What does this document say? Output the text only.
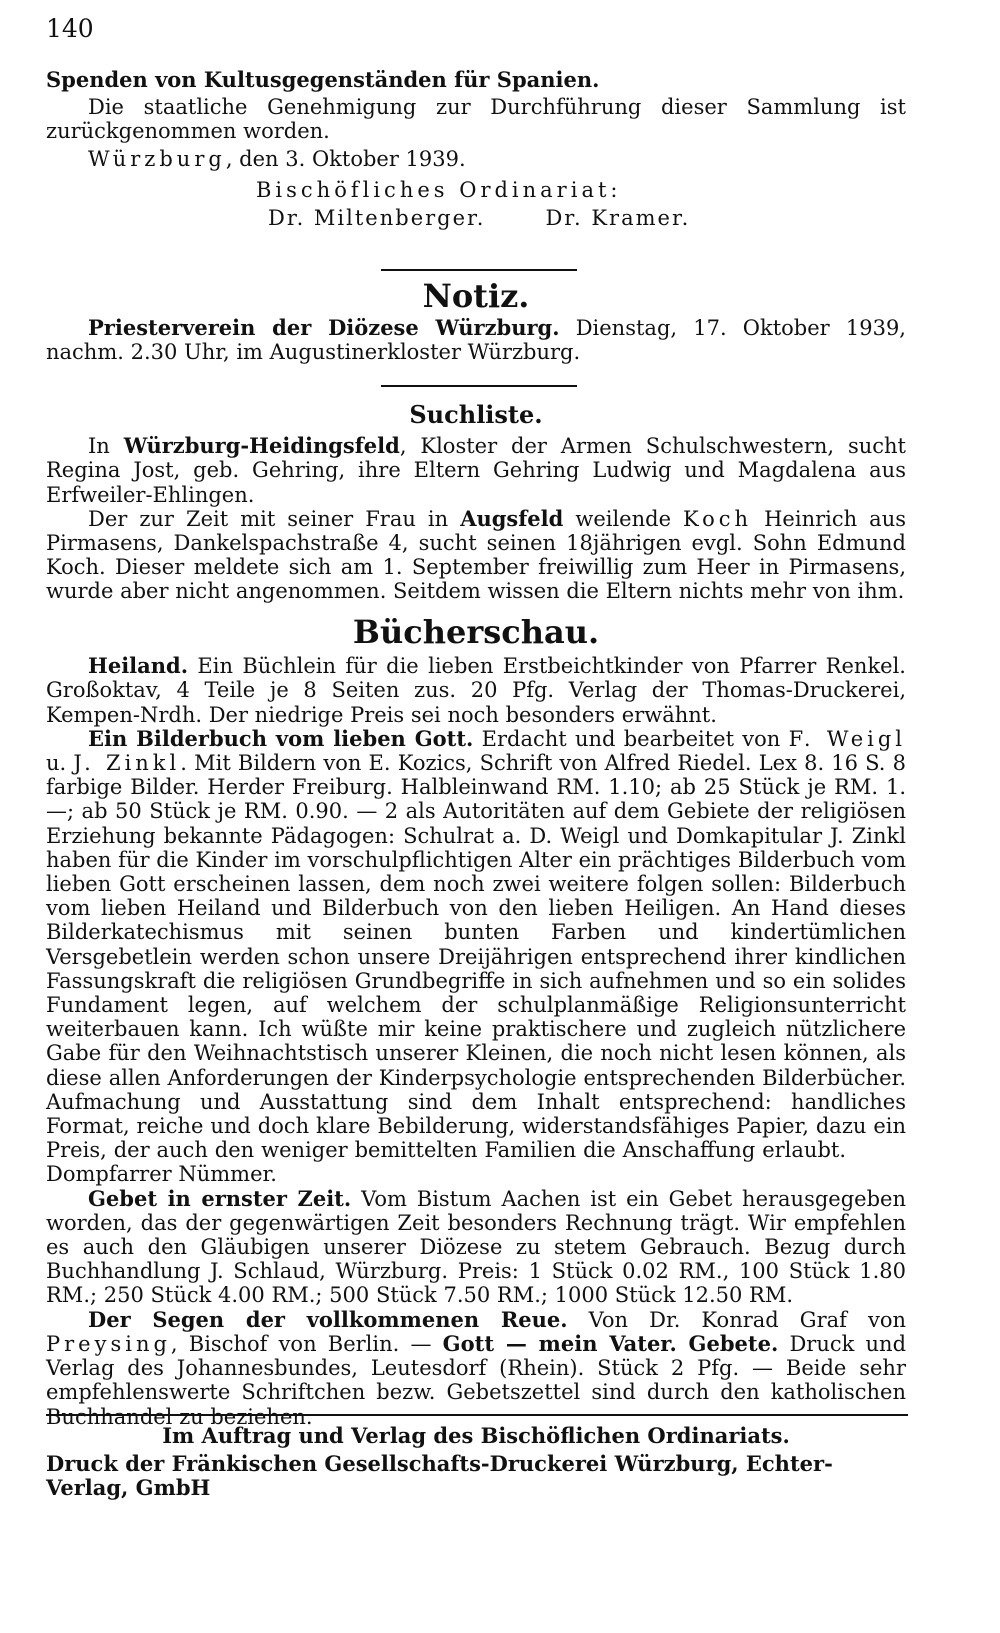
140

Spenden von Kultusgegenständen für Spanien.

Die staatliche Genehmigung zur Durchführung dieser Sammlung ist zurückgenommen worden.

Würzburg, den 3. Oktober 1939.

Bischöfliches Ordinariat:

Dr. Miltenberger.	Dr. Kramer.

Notiz.

Priesterverein der Diözese Würzburg. Dienstag, 17. Oktober 1939, nachm. 2.30 Uhr, im Augustinerkloster Würzburg.

Suchliste.

In Würzburg-Heidingsfeld, Kloster der Armen Schulschwestern, sucht Regina Jost, geb. Gehring, ihre Eltern Gehring Ludwig und Magdalena aus Erfweiler-Ehlingen.

Der zur Zeit mit seiner Frau in Augsfeld weilende Koch Heinrich aus Pirmasens, Dankelspachstraße 4, sucht seinen 18jährigen evgl. Sohn Edmund Koch. Dieser meldete sich am 1. September freiwillig zum Heer in Pirmasens, wurde aber nicht angenommen. Seitdem wissen die Eltern nichts mehr von ihm.

Bücherschau.

Heiland. Ein Büchlein für die lieben Erstbeichtkinder von Pfarrer Renkel. Großoktav, 4 Teile je 8 Seiten zus. 20 Pfg. Verlag der Thomas-Druckerei, Kempen-Nrdh. Der niedrige Preis sei noch besonders erwähnt.

Ein Bilderbuch vom lieben Gott. Erdacht und bearbeitet von F. Weigl u. J. Zinkl. Mit Bildern von E. Kozics, Schrift von Alfred Riedel. Lex 8. 16 S. 8 farbige Bilder. Herder Freiburg. Halbleinwand RM. 1.10; ab 25 Stück je RM. 1.—; ab 50 Stück je RM. 0.90. — 2 als Autoritäten auf dem Gebiete der religiösen Erziehung bekannte Pädagogen: Schulrat a. D. Weigl und Domkapitular J. Zinkl haben für die Kinder im vorschulpflichtigen Alter ein prächtiges Bilderbuch vom lieben Gott erscheinen lassen, dem noch zwei weitere folgen sollen: Bilderbuch vom lieben Heiland und Bilderbuch von den lieben Heiligen. An Hand dieses Bilderkatechismus mit seinen bunten Farben und kindertümlichen Versgebetlein werden schon unsere Dreijährigen entsprechend ihrer kindlichen Fassungskraft die religiösen Grundbegriffe in sich aufnehmen und so ein solides Fundament legen, auf welchem der schulplanmäßige Religionsunterricht weiterbauen kann. Ich wüßte mir keine praktischere und zugleich nützlichere Gabe für den Weihnachtstisch unserer Kleinen, die noch nicht lesen können, als diese allen Anforderungen der Kinderpsychologie entsprechenden Bilderbücher. Aufmachung und Ausstattung sind dem Inhalt entsprechend: handliches Format, reiche und doch klare Bebilderung, widerstandsfähiges Papier, dazu ein Preis, der auch den weniger bemittelten Familien die Anschaffung erlaubt.Dompfarrer Nümmer.

Gebet in ernster Zeit. Vom Bistum Aachen ist ein Gebet herausgegeben worden, das der gegenwärtigen Zeit besonders Rechnung trägt. Wir empfehlen es auch den Gläubigen unserer Diözese zu stetem Gebrauch. Bezug durch Buchhandlung J. Schlaud, Würzburg. Preis: 1 Stück 0.02 RM., 100 Stück 1.80 RM.; 250 Stück 4.00 RM.; 500 Stück 7.50 RM.; 1000 Stück 12.50 RM.

Der Segen der vollkommenen Reue. Von Dr. Konrad Graf von Preysing, Bischof von Berlin. — Gott — mein Vater. Gebete. Druck und Verlag des Johannesbundes, Leutesdorf (Rhein). Stück 2 Pfg. — Beide sehr empfehlenswerte Schriftchen bezw. Gebetszettel sind durch den katholischen Buchhandel zu beziehen.

Im Auftrag und Verlag des Bischöflichen Ordinariats.

Druck der Fränkischen Gesellschafts-Druckerei Würzburg, Echter-Verlag, GmbH
